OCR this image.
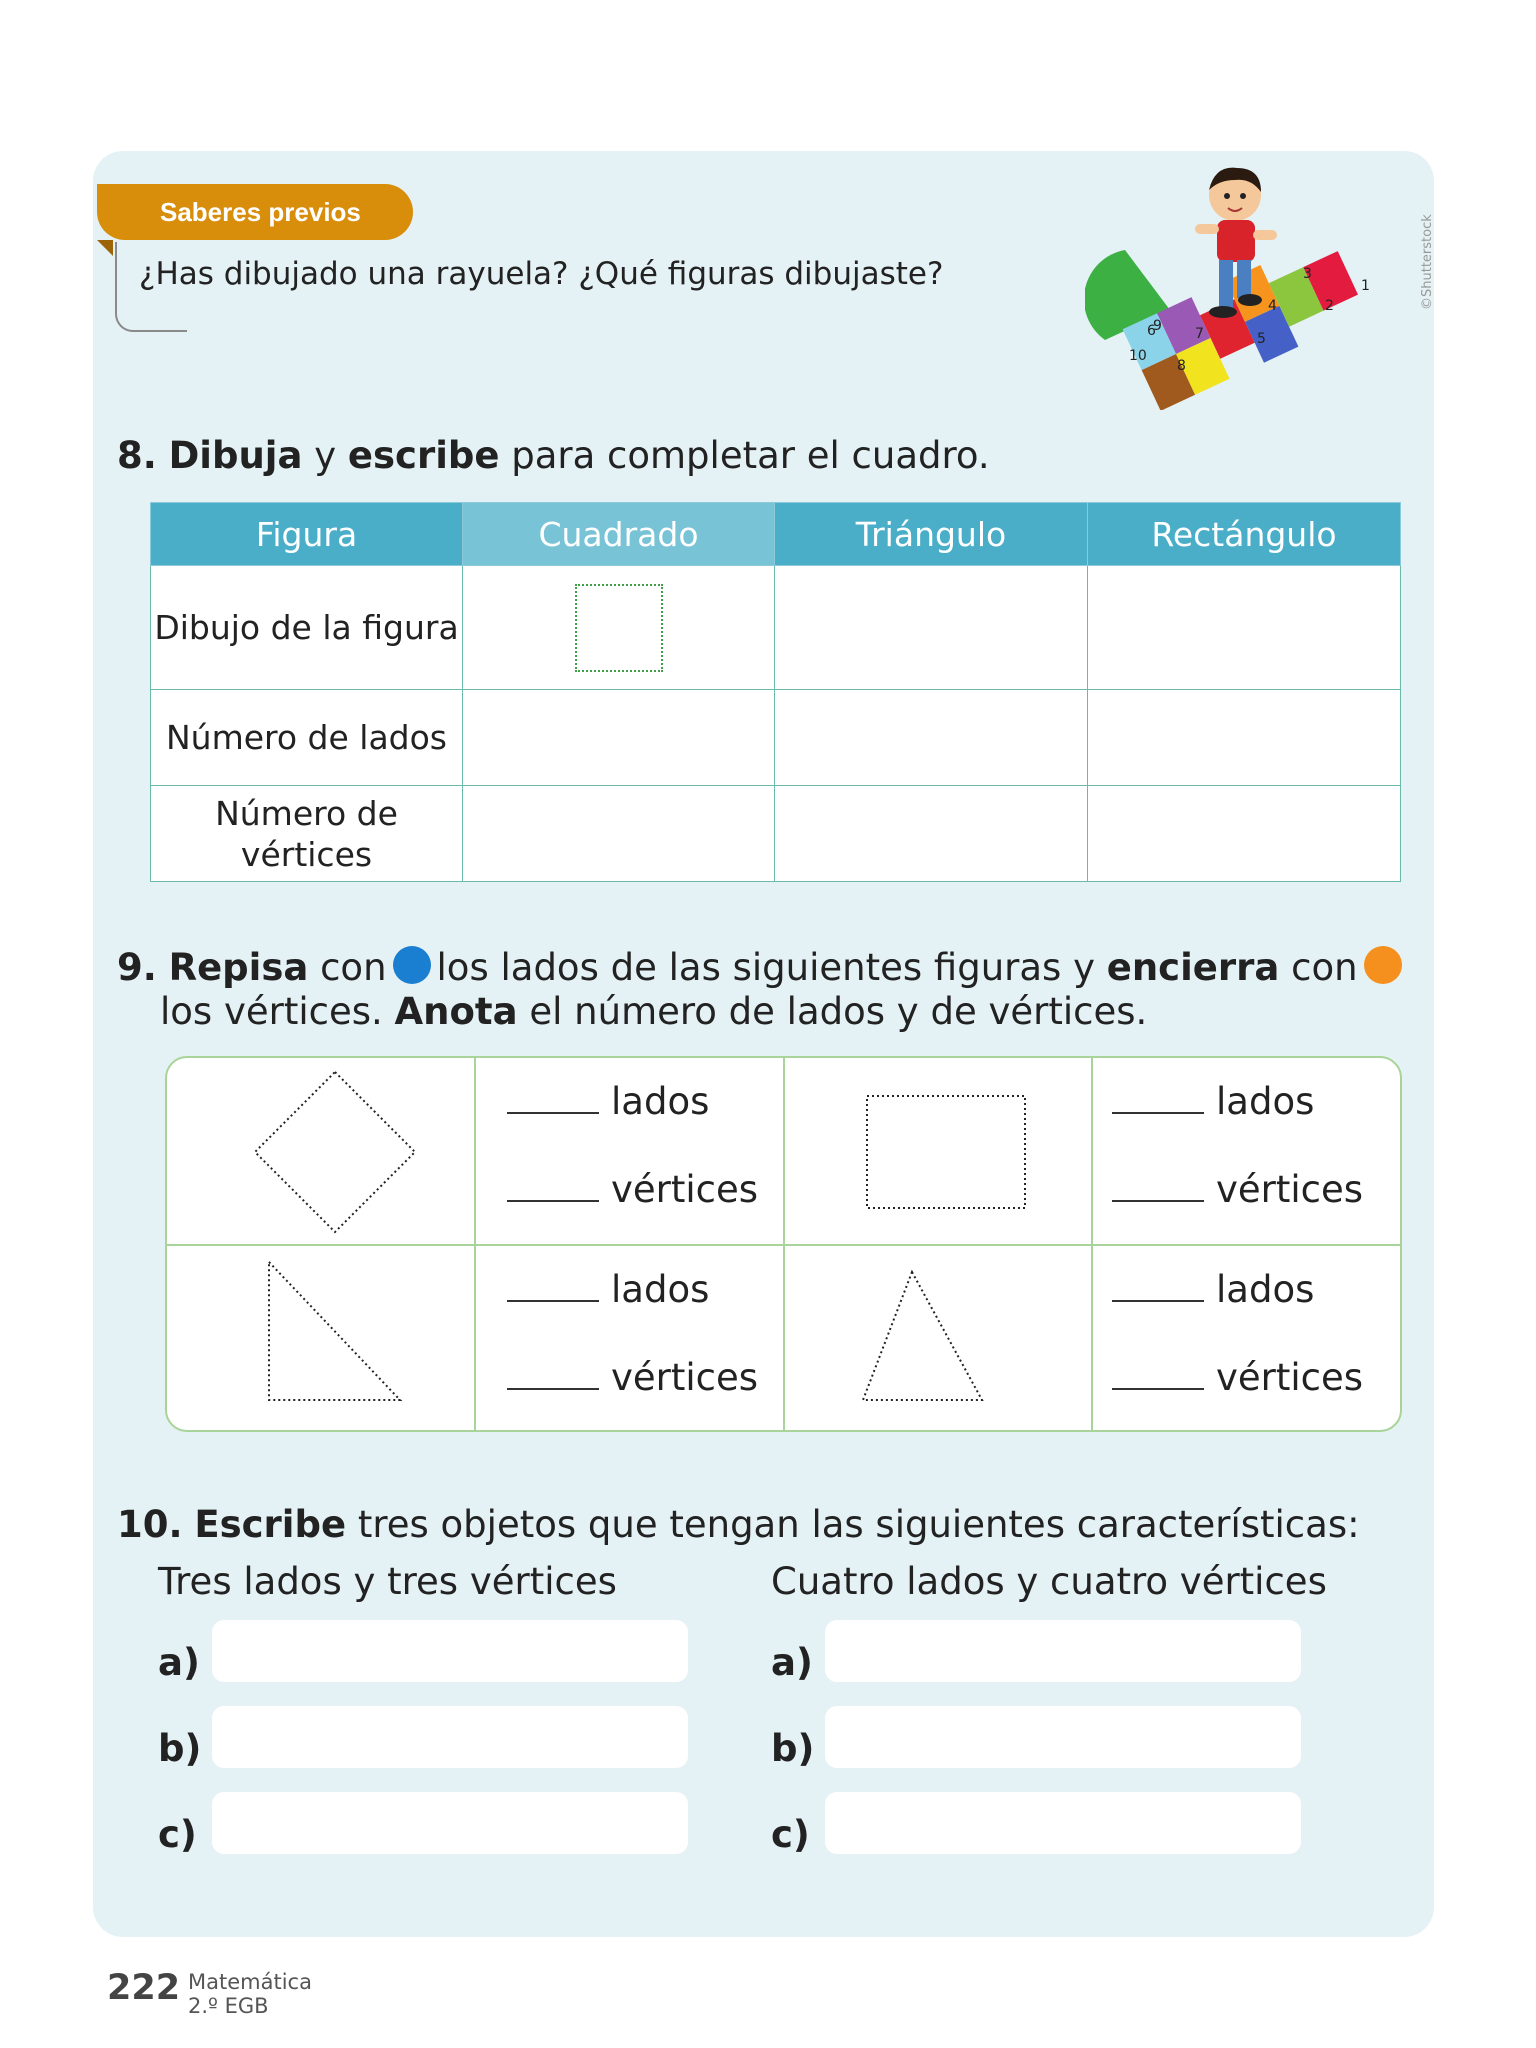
Saberes previos
¿Has dibujado una rayuela? ¿Qué figuras dibujaste?	©Shutterstock
1
2
3
4
5
6	7
8
9
10
8. Dibuja y escribe para completar el cuadro.
Figura	Cuadrado	Triángulo	Rectángulo
Dibujo de la figura	

Número de lados			
Número de vértices			
9. Repisa con los lados de las siguientes figuras y encierra con
los vértices. Anota el número de lados y de vértices.
lados
vértices
lados
vértices
lados
vértices
lados
vértices
10. Escribe tres objetos que tengan las siguientes características:
Tres lados y tres vértices	Cuatro lados y cuatro vértices
a)
b)
c)
a)
b)
c)
222 Matemática
2.º EGB
